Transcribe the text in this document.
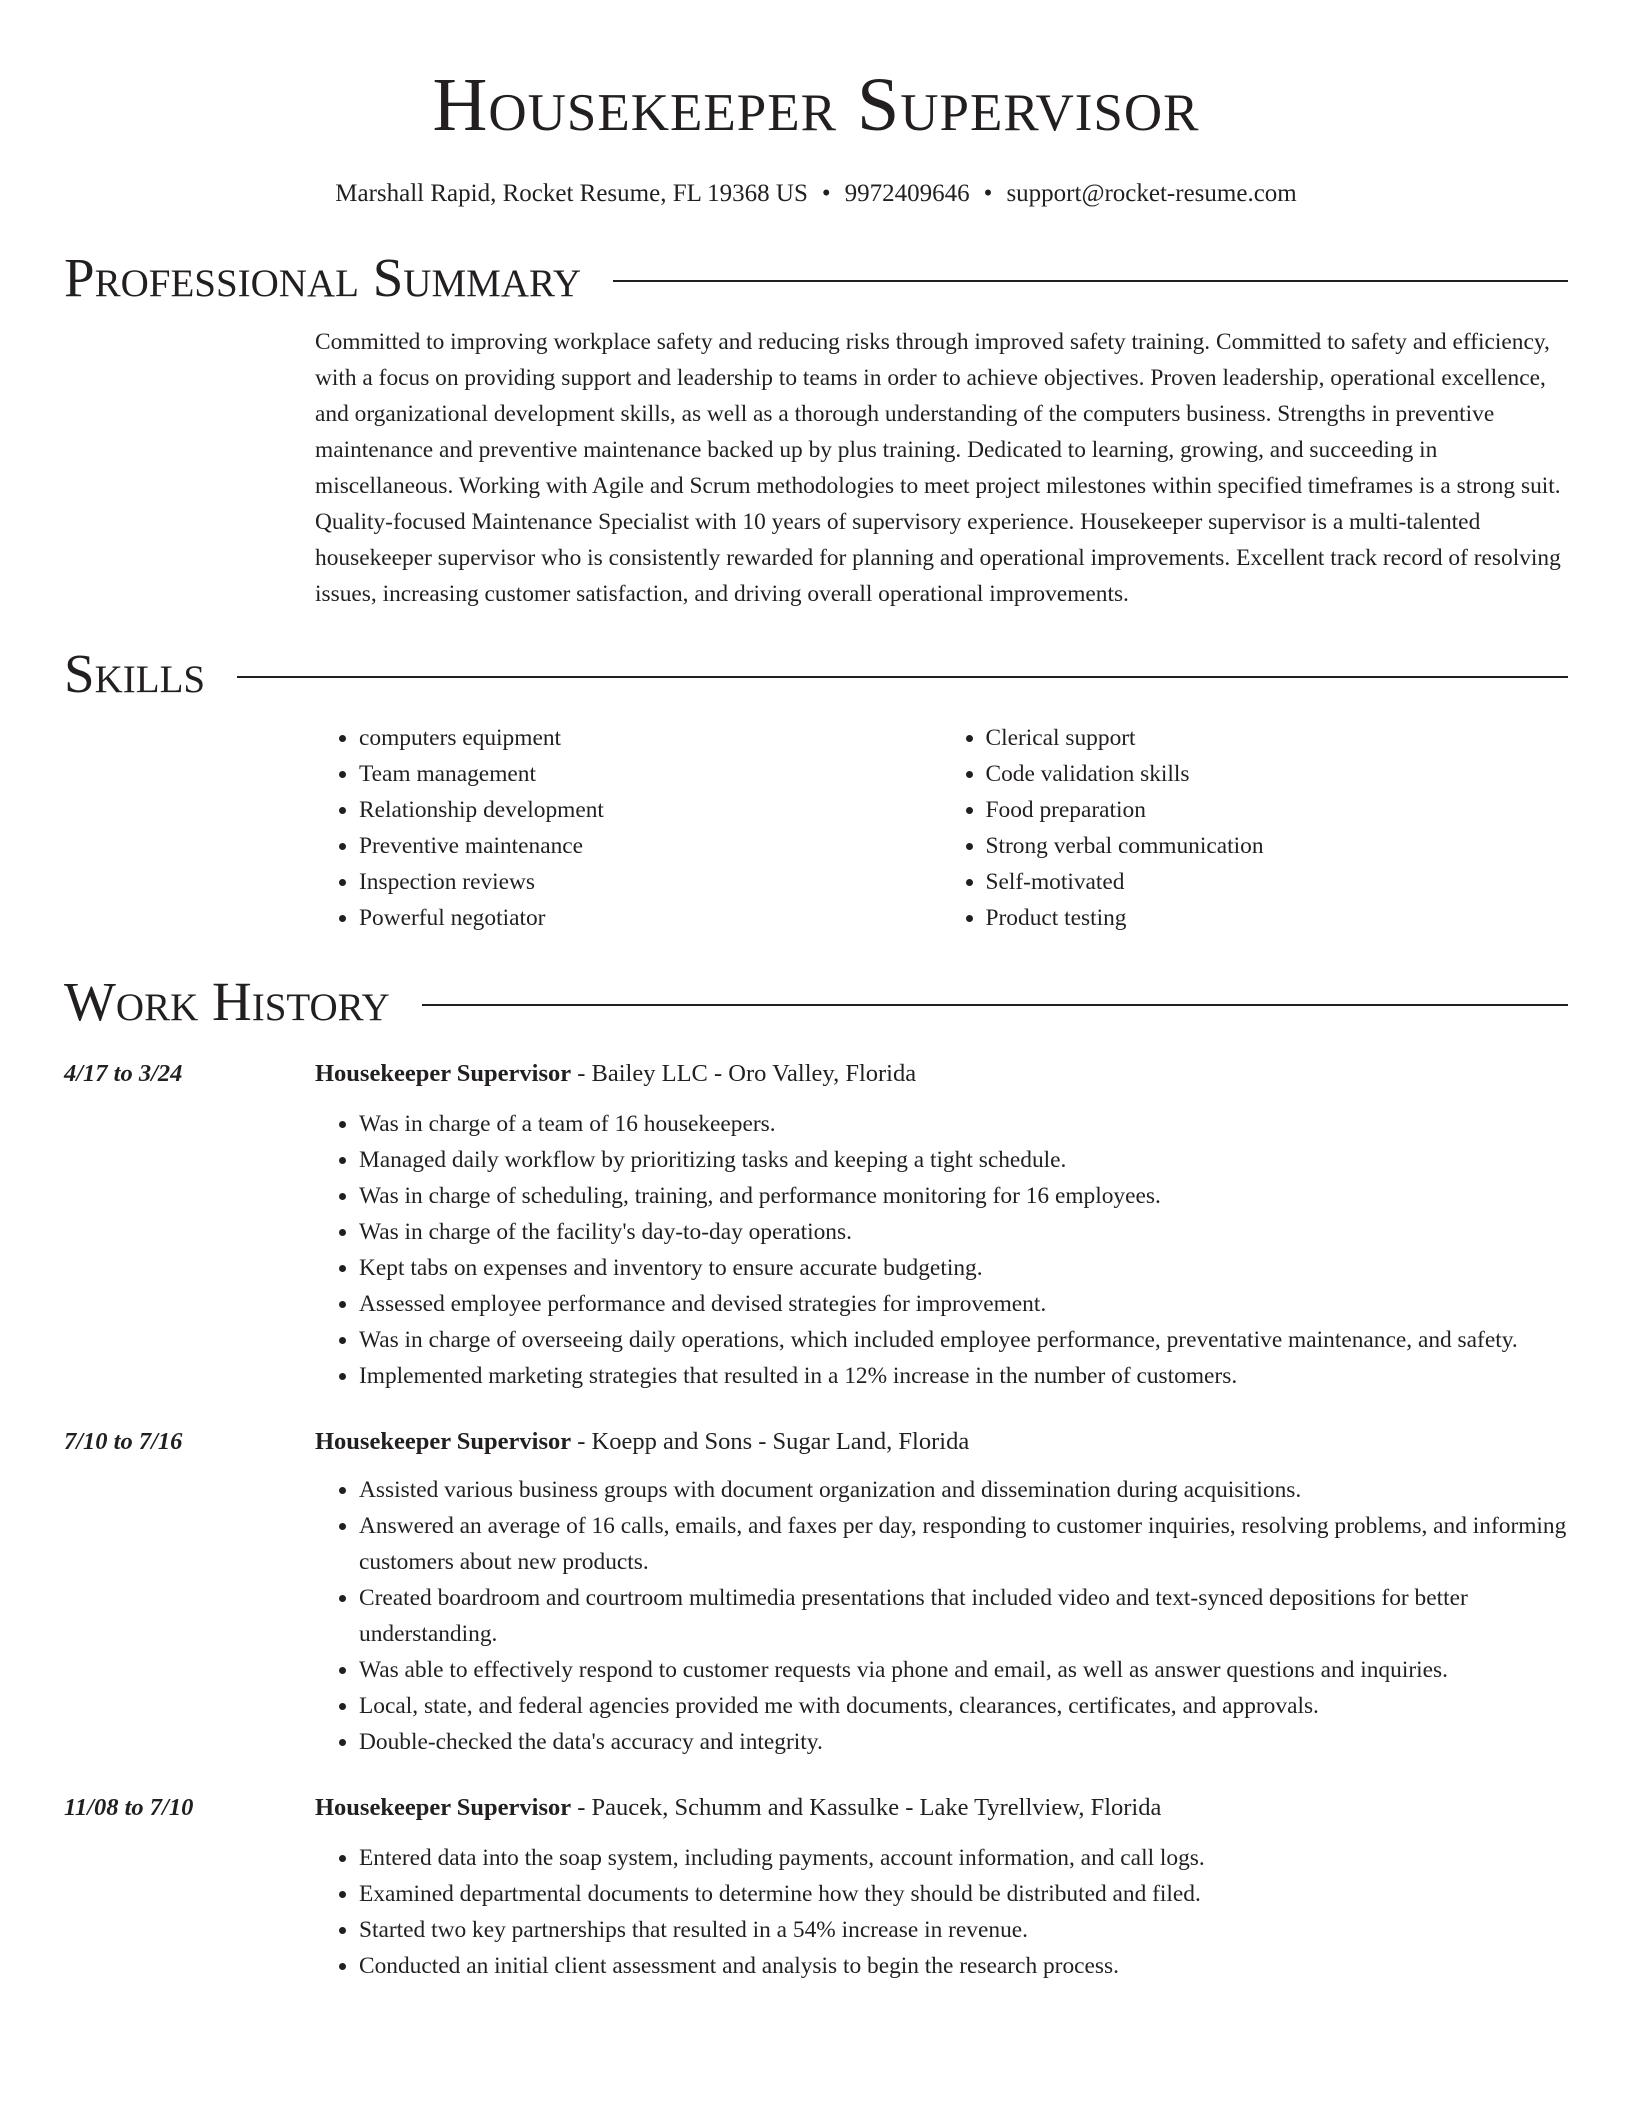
Housekeeper Supervisor
Marshall Rapid, Rocket Resume, FL 19368 US • 9972409646 • support@rocket-resume.com
Professional Summary
Committed to improving workplace safety and reducing risks through improved safety training. Committed to safety and efficiency, with a focus on providing support and leadership to teams in order to achieve objectives. Proven leadership, operational excellence, and organizational development skills, as well as a thorough understanding of the computers business. Strengths in preventive maintenance and preventive maintenance backed up by plus training. Dedicated to learning, growing, and succeeding in miscellaneous. Working with Agile and Scrum methodologies to meet project milestones within specified timeframes is a strong suit. Quality-focused Maintenance Specialist with 10 years of supervisory experience. Housekeeper supervisor is a multi-talented housekeeper supervisor who is consistently rewarded for planning and operational improvements. Excellent track record of resolving issues, increasing customer satisfaction, and driving overall operational improvements.
Skills
• computers equipment
• Team management
• Relationship development
• Preventive maintenance
• Inspection reviews
• Powerful negotiator
• Clerical support
• Code validation skills
• Food preparation
• Strong verbal communication
• Self-motivated
• Product testing
Work History
4/17 to 3/24	Housekeeper Supervisor - Bailey LLC - Oro Valley, Florida
• Was in charge of a team of 16 housekeepers.
• Managed daily workflow by prioritizing tasks and keeping a tight schedule.
• Was in charge of scheduling, training, and performance monitoring for 16 employees.
• Was in charge of the facility's day-to-day operations.
• Kept tabs on expenses and inventory to ensure accurate budgeting.
• Assessed employee performance and devised strategies for improvement.
• Was in charge of overseeing daily operations, which included employee performance, preventative maintenance, and safety.
• Implemented marketing strategies that resulted in a 12% increase in the number of customers.
7/10 to 7/16	Housekeeper Supervisor - Koepp and Sons - Sugar Land, Florida
• Assisted various business groups with document organization and dissemination during acquisitions.
• Answered an average of 16 calls, emails, and faxes per day, responding to customer inquiries, resolving problems, and informing customers about new products.
• Created boardroom and courtroom multimedia presentations that included video and text-synced depositions for better understanding.
• Was able to effectively respond to customer requests via phone and email, as well as answer questions and inquiries.
• Local, state, and federal agencies provided me with documents, clearances, certificates, and approvals.
• Double-checked the data's accuracy and integrity.
11/08 to 7/10	Housekeeper Supervisor - Paucek, Schumm and Kassulke - Lake Tyrellview, Florida
• Entered data into the soap system, including payments, account information, and call logs.
• Examined departmental documents to determine how they should be distributed and filed.
• Started two key partnerships that resulted in a 54% increase in revenue.
• Conducted an initial client assessment and analysis to begin the research process.
